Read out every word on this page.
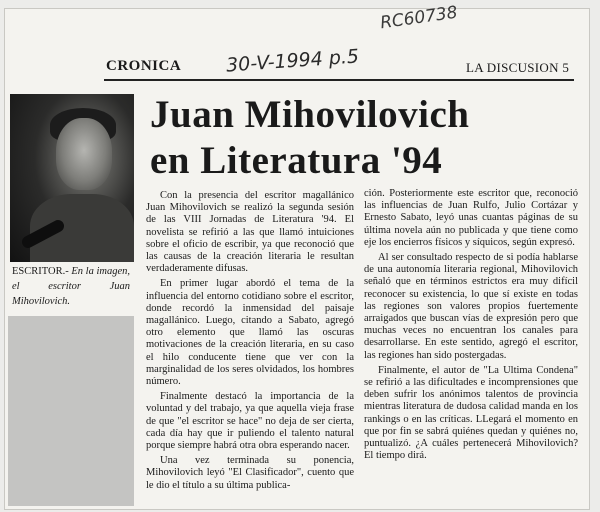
RC60738
30-V-1994 p.5
CRONICA	LA DISCUSION 5
ESCRITOR.- En la imagen, el escritor Juan Mihovilovich.
Juan Mihovilovich
en Literatura '94

Con la presencia del escritor magallánico Juan Mihovilovich se realizó la segunda sesión de las VIII Jornadas de Literatura '94. El novelista se refirió a las que llamó intuiciones sobre el oficio de escribir, ya que reconoció que las causas de la creación literaria le resultan verdaderamente difusas.

En primer lugar abordó el tema de la influencia del entorno cotidiano sobre el escritor, donde recordó la inmensidad del paisaje magallánico. Luego, citando a Sabato, agregó otro elemento que llamó las oscuras motivaciones de la creación literaria, en su caso el hilo conducente tiene que ver con la marginalidad de los seres olvidados, los hombres número.

Finalmente destacó la importancia de la voluntad y del trabajo, ya que aquella vieja frase de que "el escritor se hace" no deja de ser cierta, cada día hay que ir puliendo el talento natural porque siempre habrá otra obra esperando nacer.

Una vez terminada su ponencia, Mihovilovich leyó "El Clasificador", cuento que le dio el título a su última publica-

ción. Posteriormente este escritor que, reconoció las influencias de Juan Rulfo, Julio Cortázar y Ernesto Sabato, leyó unas cuantas páginas de su última novela aún no publicada y que tiene como eje los encierros físicos y síquicos, según expresó.

Al ser consultado respecto de si podía hablarse de una autonomía literaria regional, Mihovilovich señaló que en términos estrictos era muy difícil reconocer su existencia, lo que sí existe en todas las regiones son valores propios fuertemente arraigados que buscan vías de expresión pero que muchas veces no encuentran los canales para desarrollarse. En este sentido, agregó el escritor, las regiones han sido postergadas.

Finalmente, el autor de "La Ultima Condena" se refirió a las dificultades e incomprensiones que deben sufrir los anónimos talentos de provincia mientras literatura de dudosa calidad manda en los rankings o en las críticas. LLegará el momento en que por fin se sabrá quiénes quedan y quiénes no, puntualizó. ¿A cuáles pertenecerá Mihovilovich? El tiempo dirá.
